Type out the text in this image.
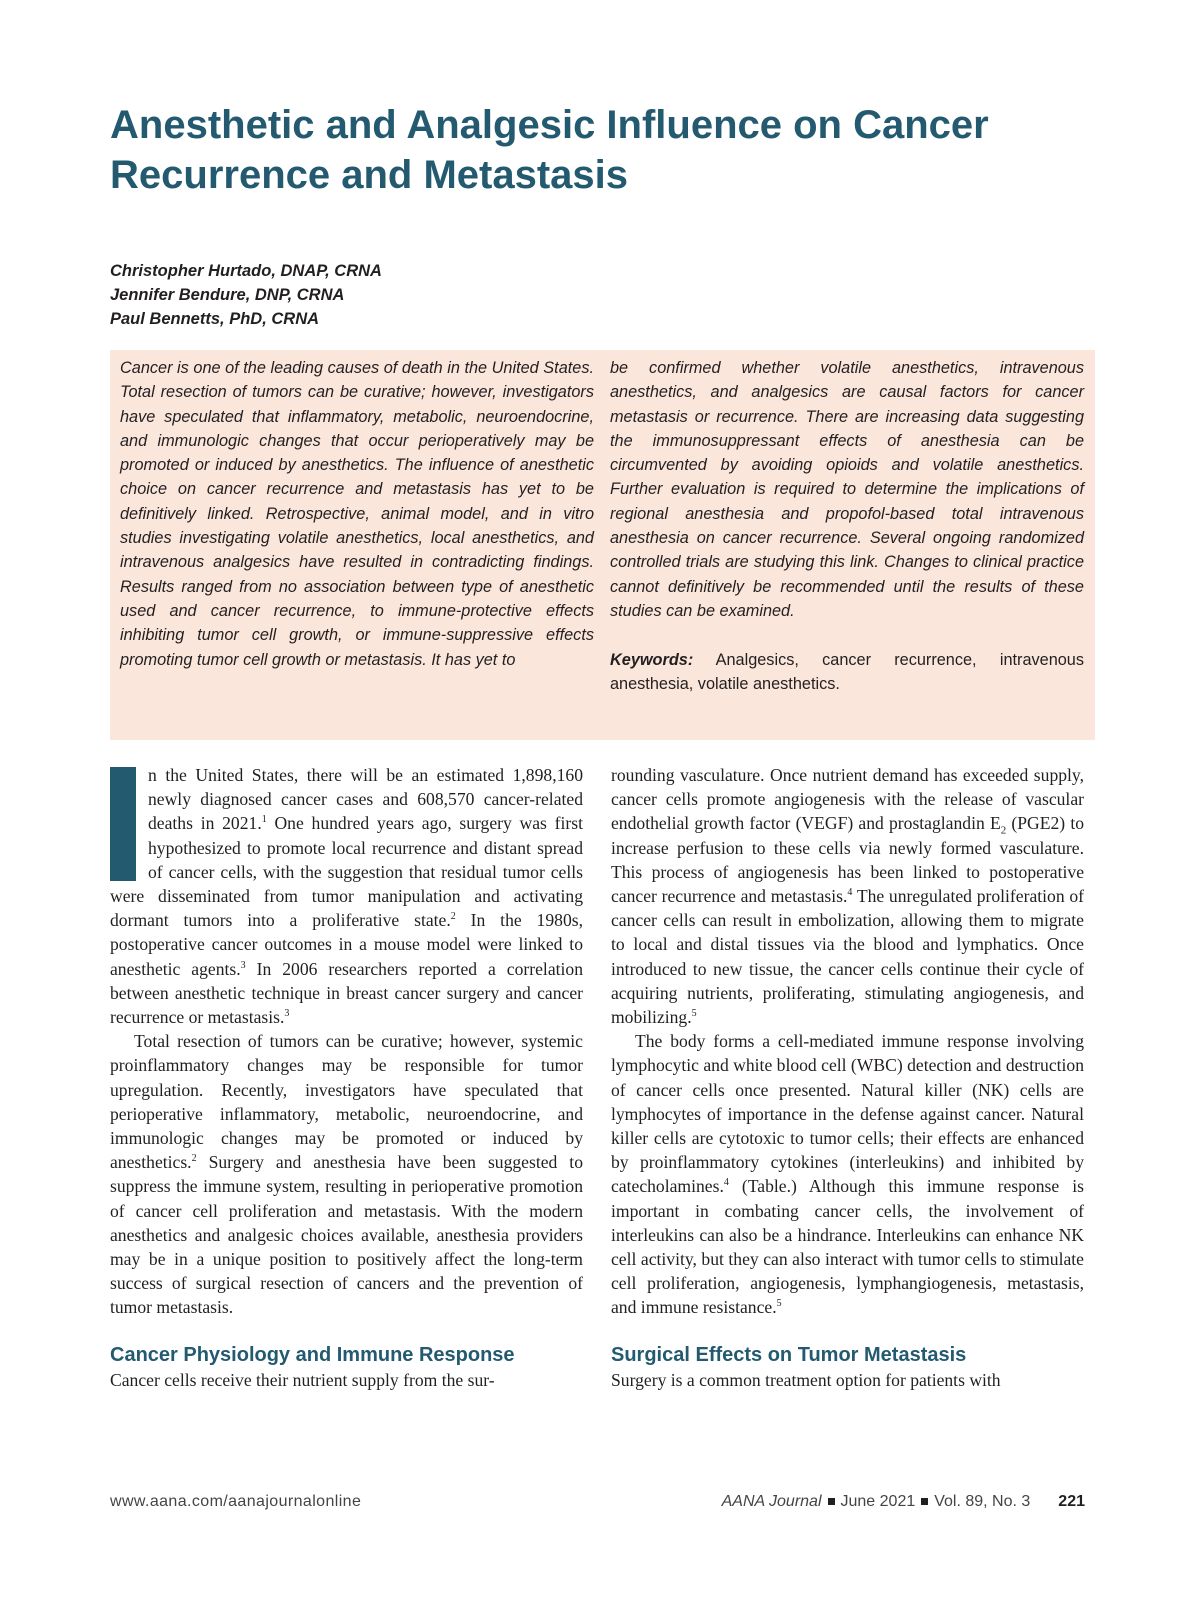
Anesthetic and Analgesic Influence on Cancer
Recurrence and Metastasis
Christopher Hurtado, DNAP, CRNA
Jennifer Bendure, DNP, CRNA
Paul Bennetts, PhD, CRNA
Cancer is one of the leading causes of death in the United States. Total resection of tumors can be curative; however, investigators have speculated that inflammatory, metabolic, neuroendocrine, and immunologic changes that occur perioperatively may be promoted or induced by anesthetics. The influence of anesthetic choice on cancer recurrence and metastasis has yet to be definitively linked. Retrospective, animal model, and in vitro studies investigating volatile anesthetics, local anesthetics, and intravenous analgesics have resulted in contradicting findings. Results ranged from no association between type of anesthetic used and cancer recurrence, to immune-protective effects inhibiting tumor cell growth, or immune-suppressive effects promoting tumor cell growth or metastasis. It has yet to
be confirmed whether volatile anesthetics, intravenous anesthetics, and analgesics are causal factors for cancer metastasis or recurrence. There are increasing data suggesting the immunosuppressant effects of anesthesia can be circumvented by avoiding opioids and volatile anesthetics. Further evaluation is required to determine the implications of regional anesthesia and propofol-based total intravenous anesthesia on cancer recurrence. Several ongoing randomized controlled trials are studying this link. Changes to clinical practice cannot definitively be recommended until the results of these studies can be examined.
Keywords: Analgesics, cancer recurrence, intravenous anesthesia, volatile anesthetics.

n the United States, there will be an estimated 1,898,160 newly diagnosed cancer cases and 608,570 cancer-related deaths in 2021.$^1$ One hundred years ago, surgery was first hypothesized to promote local recurrence and distant spread of cancer cells, with the suggestion that residual tumor cells were disseminated from tumor manipulation and activating dormant tumors into a proliferative state.$^2$ In the 1980s, postoperative cancer outcomes in a mouse model were linked to anesthetic agents.$^3$ In 2006 researchers reported a correlation between anesthetic technique in breast cancer surgery and cancer recurrence or metastasis.$^3$

Total resection of tumors can be curative; however, systemic proinflammatory changes may be responsible for tumor upregulation. Recently, investigators have speculated that perioperative inflammatory, metabolic, neuroendocrine, and immunologic changes may be promoted or induced by anesthetics.$^2$ Surgery and anesthesia have been suggested to suppress the immune system, resulting in perioperative promotion of cancer cell proliferation and metastasis. With the modern anesthetics and analgesic choices available, anesthesia providers may be in a unique position to positively affect the long-term success of surgical resection of cancers and the prevention of tumor metastasis.

Cancer Physiology and Immune Response

Cancer cells receive their nutrient supply from the sur-

rounding vasculature. Once nutrient demand has exceeded supply, cancer cells promote angiogenesis with the release of vascular endothelial growth factor (VEGF) and prostaglandin $E_2$ (PGE2) to increase perfusion to these cells via newly formed vasculature. This process of angiogenesis has been linked to postoperative cancer recurrence and metastasis.$^4$ The unregulated proliferation of cancer cells can result in embolization, allowing them to migrate to local and distal tissues via the blood and lymphatics. Once introduced to new tissue, the cancer cells continue their cycle of acquiring nutrients, proliferating, stimulating angiogenesis, and mobilizing.$^5$

The body forms a cell-mediated immune response involving lymphocytic and white blood cell (WBC) detection and destruction of cancer cells once presented. Natural killer (NK) cells are lymphocytes of importance in the defense against cancer. Natural killer cells are cytotoxic to tumor cells; their effects are enhanced by proinflammatory cytokines (interleukins) and inhibited by catecholamines.$^4$ (Table.) Although this immune response is important in combating cancer cells, the involvement of interleukins can also be a hindrance. Interleukins can enhance NK cell activity, but they can also interact with tumor cells to stimulate cell proliferation, angiogenesis, lymphangiogenesis, metastasis, and immune resistance.$^5$

Surgical Effects on Tumor Metastasis

Surgery is a common treatment option for patients with

www.aana.com/aanajournalonline	AANA Journal June 2021 Vol. 89, No. 3 221
